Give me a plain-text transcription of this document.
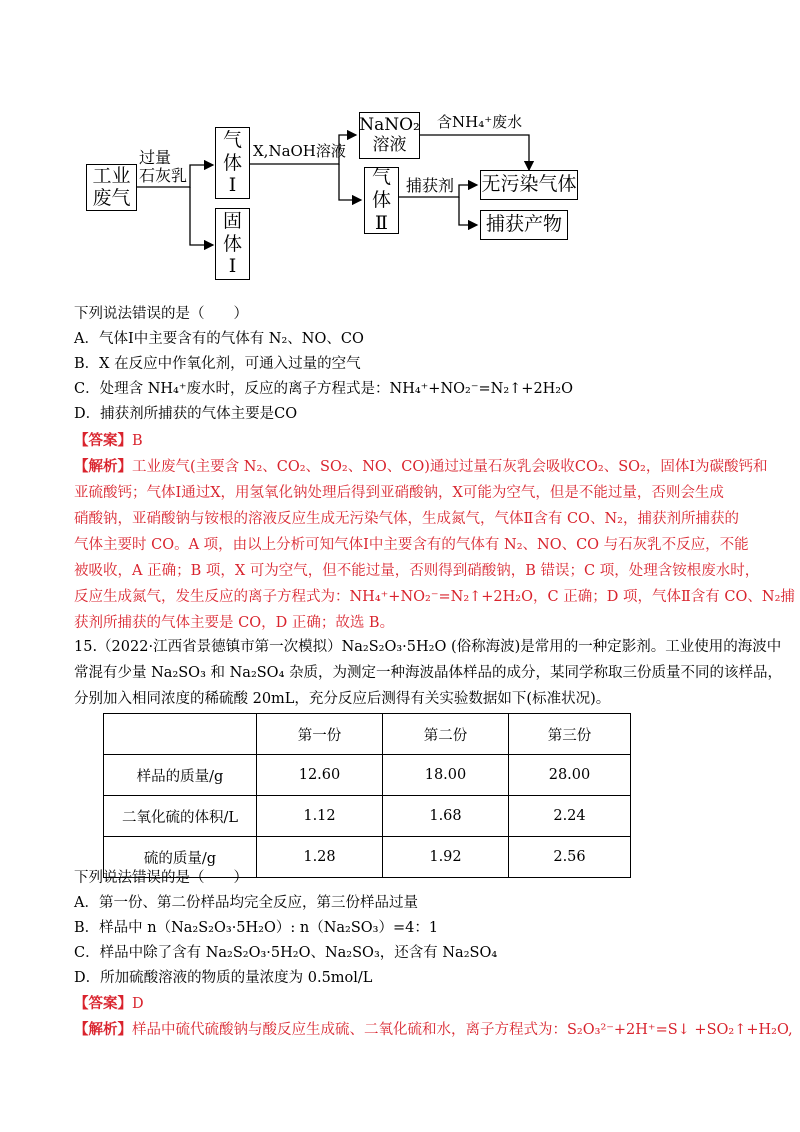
工业
废气
过量
石灰乳
气
体
Ⅰ
固
体
Ⅰ
X,NaOH溶液
NaNO₂
溶液
含NH₄⁺废水
气
体
Ⅱ
捕获剂 无污染气体
捕获产物
下列说法错误的是（　　）
A．气体Ⅰ中主要含有的气体有 N₂、NO、CO
B．X 在反应中作氧化剂，可通入过量的空气
C．处理含 NH₄⁺废水时，反应的离子方程式是：NH₄⁺+NO₂⁻=N₂↑+2H₂O
D．捕获剂所捕获的气体主要是CO
【答案】B
【解析】工业废气(主要含 N₂、CO₂、SO₂、NO、CO)通过过量石灰乳会吸收CO₂、SO₂，固体Ⅰ为碳酸钙和
亚硫酸钙；气体Ⅰ通过X，用氢氧化钠处理后得到亚硝酸钠，X可能为空气，但是不能过量，否则会生成
硝酸钠，亚硝酸钠与铵根的溶液反应生成无污染气体，生成氮气，气体Ⅱ含有 CO、N₂，捕获剂所捕获的
气体主要时 CO。A 项，由以上分析可知气体Ⅰ中主要含有的气体有 N₂、NO、CO 与石灰乳不反应，不能
被吸收，A 正确；B 项，X 可为空气，但不能过量，否则得到硝酸钠，B 错误；C 项，处理含铵根废水时，
反应生成氮气，发生反应的离子方程式为：NH₄⁺+NO₂⁻=N₂↑+2H₂O，C 正确；D 项，气体Ⅱ含有 CO、N₂捕
获剂所捕获的气体主要是 CO，D 正确；故选 B。
15.（2022·江西省景德镇市第一次模拟）Na₂S₂O₃·5H₂O (俗称海波)是常用的一种定影剂。工业使用的海波中
常混有少量 Na₂SO₃ 和 Na₂SO₄ 杂质，为测定一种海波晶体样品的成分，某同学称取三份质量不同的该样品，
分别加入相同浓度的稀硫酸 20mL，充分反应后测得有关实验数据如下(标准状况)。
	第一份	第二份	第三份
样品的质量/g	12.60	18.00	28.00
二氧化硫的体积/L	1.12	1.68	2.24
硫的质量/g	1.28	1.92	2.56
下列说法错误的是（　　）
A．第一份、第二份样品均完全反应，第三份样品过量
B．样品中 n（Na₂S₂O₃·5H₂O）: n（Na₂SO₃）=4：1
C．样品中除了含有 Na₂S₂O₃·5H₂O、Na₂SO₃，还含有 Na₂SO₄
D．所加硫酸溶液的物质的量浓度为 0.5mol/L
【答案】D
【解析】样品中硫代硫酸钠与酸反应生成硫、二氧化硫和水，离子方程式为：S₂O₃²⁻+2H⁺=S↓ +SO₂↑+H₂O,
